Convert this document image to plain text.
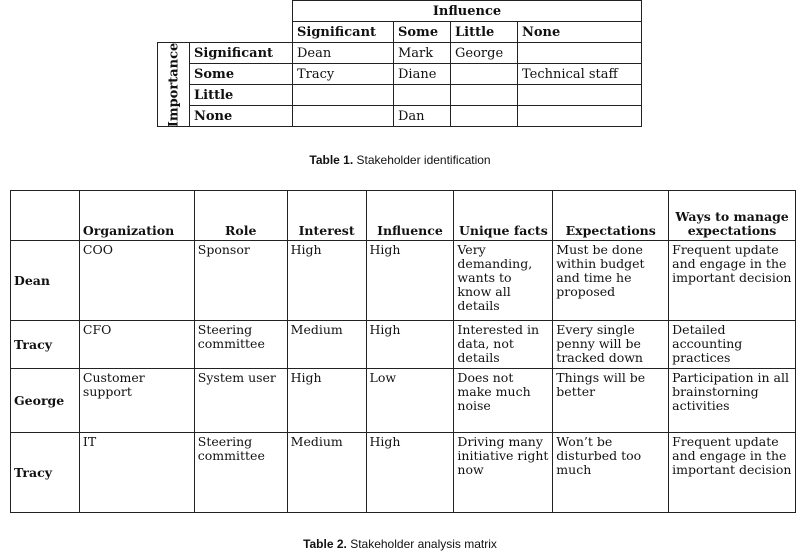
		Influence			
		Significant	Some	Little	None

Importance	Significant	Dean	Mark	George	
	Some	Tracy	Diane		Technical staff
	Little				
	None		Dan		
Table 1. Stakeholder identification
	Organization	Role	Interest	Influence	Unique facts	Expectations	Ways to manage expectations
Dean	COO	Sponsor	High	High	Very demanding, wants to know all details	Must be done within budget and time he proposed	Frequent update and engage in the important decision
Tracy	CFO	Steering committee	Medium	High	Interested in data, not details	Every single penny will be tracked down	Detailed accounting practices
George	Customer support	System user	High	Low	Does not make much noise	Things will be better	Participation in all brainstorning activities
Tracy	IT	Steering committee	Medium	High	Driving many initiative right now	Won’t be disturbed too much	Frequent update and engage in the important decision
Table 2. Stakeholder analysis matrix
